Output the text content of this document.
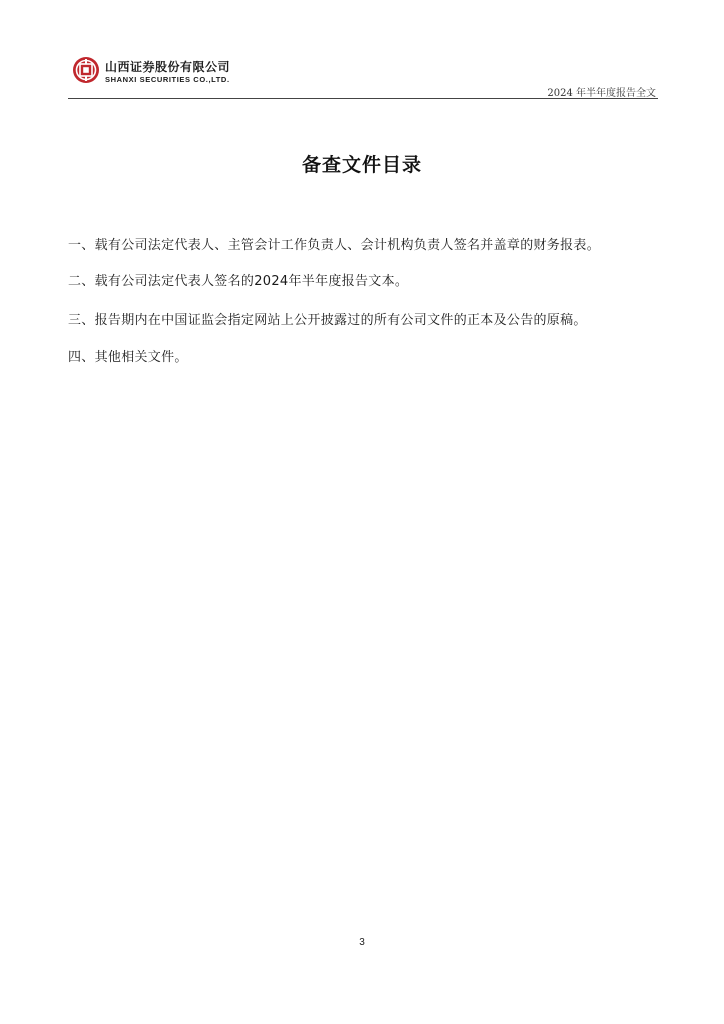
山西证券股份有限公司
SHANXI SECURITIES CO.,LTD.
2024 年半年度报告全文
备查文件目录
一、载有公司法定代表人、主管会计工作负责人、会计机构负责人签名并盖章的财务报表。
二、载有公司法定代表人签名的2024年半年度报告文本。
三、报告期内在中国证监会指定网站上公开披露过的所有公司文件的正本及公告的原稿。
四、其他相关文件。
3
